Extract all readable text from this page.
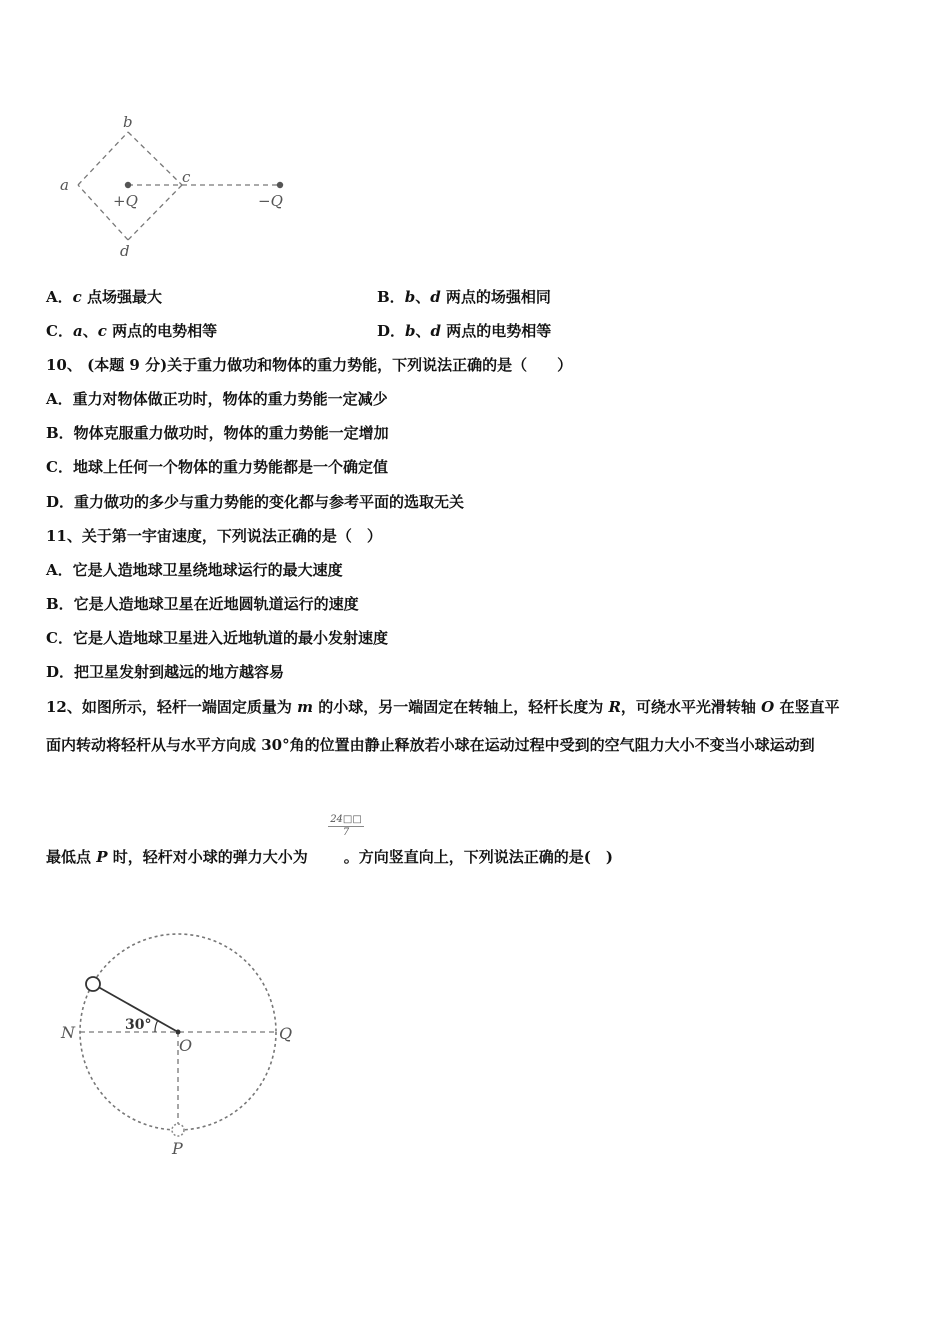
b
a	c
d
+Q	−Q
A．c 点场强最大	B．b、d 两点的场强相同
C．a、c 两点的电势相等	D．b、d 两点的电势相等
10、 (本题 9 分)关于重力做功和物体的重力势能，下列说法正确的是（　　）
A．重力对物体做正功时，物体的重力势能一定减少
B．物体克服重力做功时，物体的重力势能一定增加
C．地球上任何一个物体的重力势能都是一个确定值
D．重力做功的多少与重力势能的变化都与参考平面的选取无关
11、关于第一宇宙速度，下列说法正确的是（　）
A．它是人造地球卫星绕地球运行的最大速度
B．它是人造地球卫星在近地圆轨道运行的速度
C．它是人造地球卫星进入近地轨道的最小发射速度
D．把卫星发射到越远的地方越容易
12、如图所示，轻杆一端固定质量为 m 的小球，另一端固定在转轴上，轻杆长度为 R，可绕水平光滑转轴 O 在竖直平
面内转动将轻杆从与水平方向成 30°角的位置由静止释放若小球在运动过程中受到的空气阻力大小不变当小球运动到
$\frac{24□□}{7}$
最低点 P 时，轻杆对小球的弹力大小为 。方向竖直向上，下列说法正确的是(　)
30°
N
O
Q
P
